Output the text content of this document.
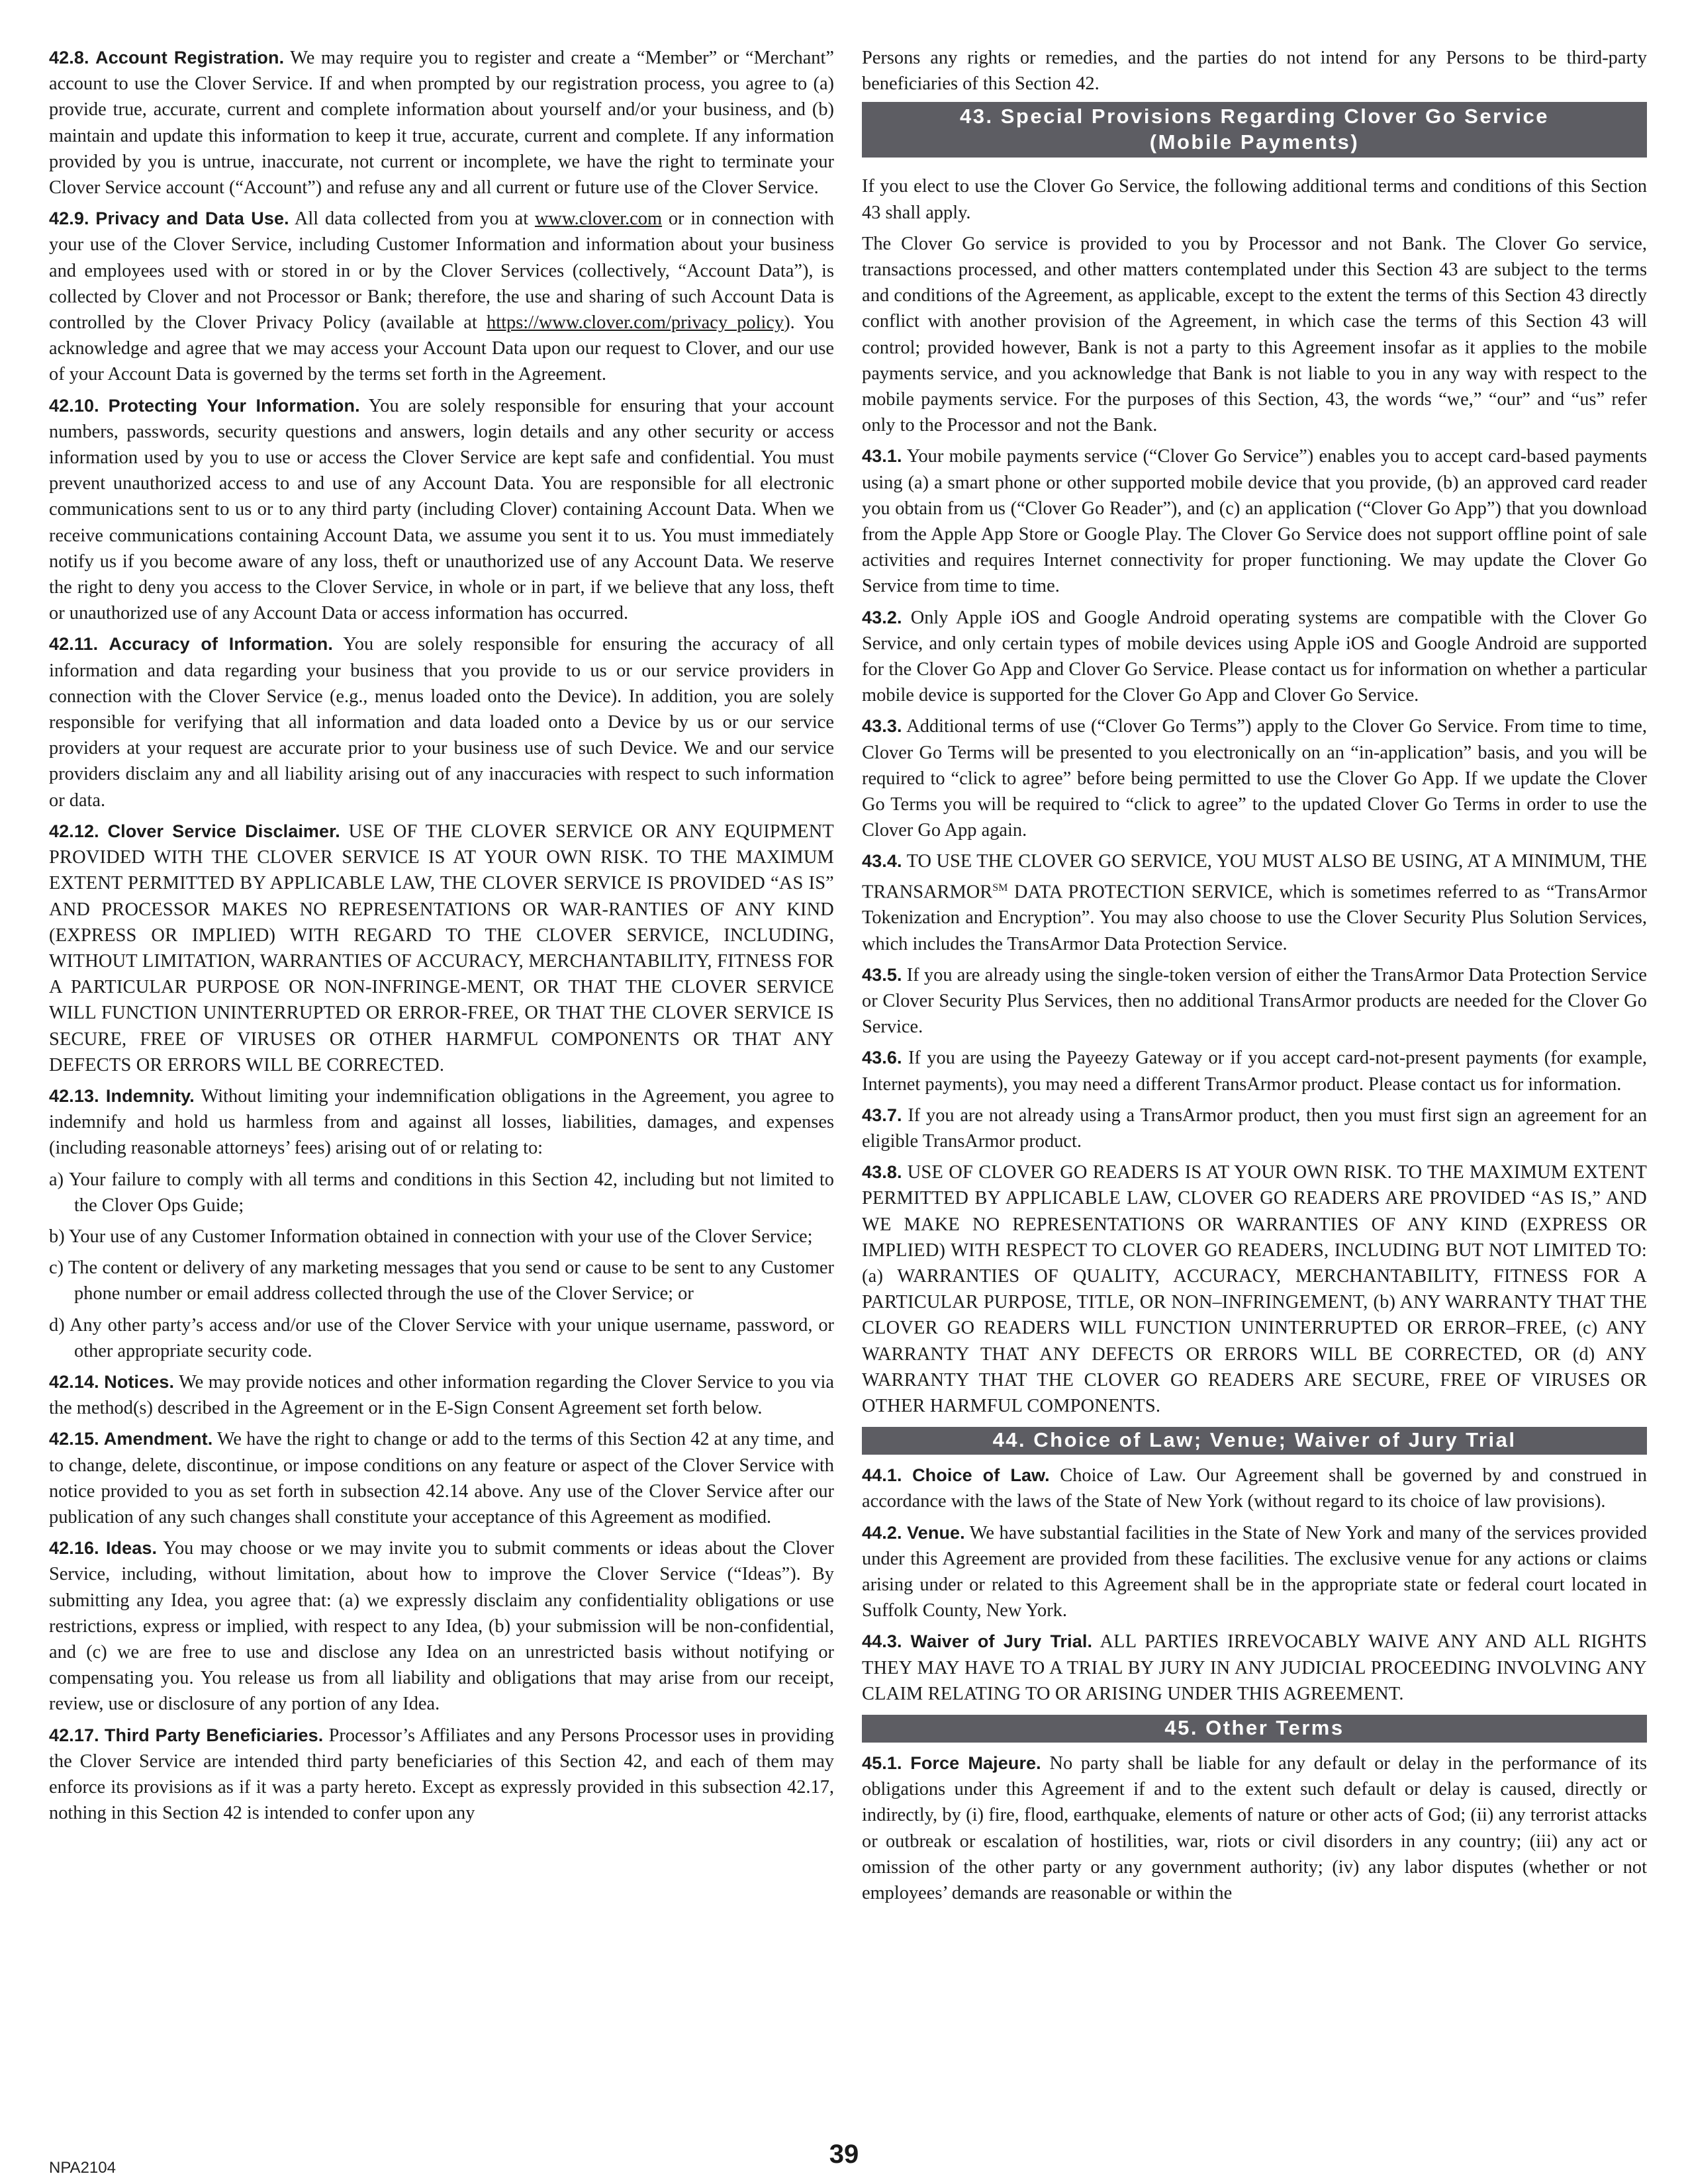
42.8. Account Registration. We may require you to register and create a “Member” or “Merchant” account to use the Clover Service. If and when prompted by our registration process, you agree to (a) provide true, accurate, current and complete information about yourself and/or your business, and (b) maintain and update this information to keep it true, accurate, current and complete. If any information provided by you is untrue, inaccurate, not current or incomplete, we have the right to terminate your Clover Service account (“Account”) and refuse any and all current or future use of the Clover Service.

42.9. Privacy and Data Use. All data collected from you at www.clover.com or in connection with your use of the Clover Service, including Customer Information and information about your business and employees used with or stored in or by the Clover Services (collectively, “Account Data”), is collected by Clover and not Processor or Bank; therefore, the use and sharing of such Account Data is controlled by the Clover Privacy Policy (available at https://www.clover.com/privacy_policy). You acknowledge and agree that we may access your Account Data upon our request to Clover, and our use of your Account Data is governed by the terms set forth in the Agreement.

42.10. Protecting Your Information. You are solely responsible for ensuring that your account numbers, passwords, security questions and answers, login details and any other security or access information used by you to use or access the Clover Service are kept safe and confidential. You must prevent unauthorized access to and use of any Account Data. You are responsible for all electronic communications sent to us or to any third party (including Clover) containing Account Data. When we receive communications containing Account Data, we assume you sent it to us. You must immediately notify us if you become aware of any loss, theft or unauthorized use of any Account Data. We reserve the right to deny you access to the Clover Service, in whole or in part, if we believe that any loss, theft or unauthorized use of any Account Data or access information has occurred.

42.11. Accuracy of Information. You are solely responsible for ensuring the accuracy of all information and data regarding your business that you provide to us or our service providers in connection with the Clover Service (e.g., menus loaded onto the Device). In addition, you are solely responsible for verifying that all information and data loaded onto a Device by us or our service providers at your request are accurate prior to your business use of such Device. We and our service providers disclaim any and all liability arising out of any inaccuracies with respect to such information or data.

42.12. Clover Service Disclaimer. USE OF THE CLOVER SERVICE OR ANY EQUIPMENT PROVIDED WITH THE CLOVER SERVICE IS AT YOUR OWN RISK. TO THE MAXIMUM EXTENT PERMITTED BY APPLICABLE LAW, THE CLOVER SERVICE IS PROVIDED “AS IS” AND PROCESSOR MAKES NO REPRESENTATIONS OR WAR-RANTIES OF ANY KIND (EXPRESS OR IMPLIED) WITH REGARD TO THE CLOVER SERVICE, INCLUDING, WITHOUT LIMITATION, WARRANTIES OF ACCURACY, MERCHANTABILITY, FITNESS FOR A PARTICULAR PURPOSE OR NON-INFRINGE-MENT, OR THAT THE CLOVER SERVICE WILL FUNCTION UNINTERRUPTED OR ERROR-FREE, OR THAT THE CLOVER SERVICE IS SECURE, FREE OF VIRUSES OR OTHER HARMFUL COMPONENTS OR THAT ANY DEFECTS OR ERRORS WILL BE CORRECTED.

42.13. Indemnity. Without limiting your indemnification obligations in the Agreement, you agree to indemnify and hold us harmless from and against all losses, liabilities, damages, and expenses (including reasonable attorneys’ fees) arising out of or relating to:

a) Your failure to comply with all terms and conditions in this Section 42, including but not limited to the Clover Ops Guide;

b) Your use of any Customer Information obtained in connection with your use of the Clover Service;

c) The content or delivery of any marketing messages that you send or cause to be sent to any Customer phone number or email address collected through the use of the Clover Service; or

d) Any other party’s access and/or use of the Clover Service with your unique username, password, or other appropriate security code.

42.14. Notices. We may provide notices and other information regarding the Clover Service to you via the method(s) described in the Agreement or in the E-Sign Consent Agreement set forth below.

42.15. Amendment. We have the right to change or add to the terms of this Section 42 at any time, and to change, delete, discontinue, or impose conditions on any feature or aspect of the Clover Service with notice provided to you as set forth in subsection 42.14 above. Any use of the Clover Service after our publication of any such changes shall constitute your acceptance of this Agreement as modified.

42.16. Ideas. You may choose or we may invite you to submit comments or ideas about the Clover Service, including, without limitation, about how to improve the Clover Service (“Ideas”). By submitting any Idea, you agree that: (a) we expressly disclaim any confidentiality obligations or use restrictions, express or implied, with respect to any Idea, (b) your submission will be non-confidential, and (c) we are free to use and disclose any Idea on an unrestricted basis without notifying or compensating you. You release us from all liability and obligations that may arise from our receipt, review, use or disclosure of any portion of any Idea.

42.17. Third Party Beneficiaries. Processor’s Affiliates and any Persons Processor uses in providing the Clover Service are intended third party beneficiaries of this Section 42, and each of them may enforce its provisions as if it was a party hereto. Except as expressly provided in this subsection 42.17, nothing in this Section 42 is intended to confer upon any

Persons any rights or remedies, and the parties do not intend for any Persons to be third-party beneficiaries of this Section 42.

43. Special Provisions Regarding Clover Go Service
(Mobile Payments)

If you elect to use the Clover Go Service, the following additional terms and conditions of this Section 43 shall apply.

The Clover Go service is provided to you by Processor and not Bank. The Clover Go service, transactions processed, and other matters contemplated under this Section 43 are subject to the terms and conditions of the Agreement, as applicable, except to the extent the terms of this Section 43 directly conflict with another provision of the Agreement, in which case the terms of this Section 43 will control; provided however, Bank is not a party to this Agreement insofar as it applies to the mobile payments service, and you acknowledge that Bank is not liable to you in any way with respect to the mobile payments service. For the purposes of this Section, 43, the words “we,” “our” and “us” refer only to the Processor and not the Bank.

43.1. Your mobile payments service (“Clover Go Service”) enables you to accept card-based payments using (a) a smart phone or other supported mobile device that you provide, (b) an approved card reader you obtain from us (“Clover Go Reader”), and (c) an application (“Clover Go App”) that you download from the Apple App Store or Google Play. The Clover Go Service does not support offline point of sale activities and requires Internet connectivity for proper functioning. We may update the Clover Go Service from time to time.

43.2. Only Apple iOS and Google Android operating systems are compatible with the Clover Go Service, and only certain types of mobile devices using Apple iOS and Google Android are supported for the Clover Go App and Clover Go Service. Please contact us for information on whether a particular mobile device is supported for the Clover Go App and Clover Go Service.

43.3. Additional terms of use (“Clover Go Terms”) apply to the Clover Go Service. From time to time, Clover Go Terms will be presented to you electronically on an “in-application” basis, and you will be required to “click to agree” before being permitted to use the Clover Go App. If we update the Clover Go Terms you will be required to “click to agree” to the updated Clover Go Terms in order to use the Clover Go App again.

43.4. TO USE THE CLOVER GO SERVICE, YOU MUST ALSO BE USING, AT A MINIMUM, THE TRANSARMOR℠ DATA PROTECTION SERVICE, which is sometimes referred to as “TransArmor Tokenization and Encryption”. You may also choose to use the Clover Security Plus Solution Services, which includes the TransArmor Data Protection Service.

43.5. If you are already using the single-token version of either the TransArmor Data Protection Service or Clover Security Plus Services, then no additional TransArmor products are needed for the Clover Go Service.

43.6. If you are using the Payeezy Gateway or if you accept card-not-present payments (for example, Internet payments), you may need a different TransArmor product. Please contact us for information.

43.7. If you are not already using a TransArmor product, then you must first sign an agreement for an eligible TransArmor product.

43.8. USE OF CLOVER GO READERS IS AT YOUR OWN RISK. TO THE MAXIMUM EXTENT PERMITTED BY APPLICABLE LAW, CLOVER GO READERS ARE PROVIDED “AS IS,” AND WE MAKE NO REPRESENTATIONS OR WARRANTIES OF ANY KIND (EXPRESS OR IMPLIED) WITH RESPECT TO CLOVER GO READERS, INCLUDING BUT NOT LIMITED TO: (a) WARRANTIES OF QUALITY, ACCURACY, MERCHANTABILITY, FITNESS FOR A PARTICULAR PURPOSE, TITLE, OR NON–INFRINGEMENT, (b) ANY WARRANTY THAT THE CLOVER GO READERS WILL FUNCTION UNINTERRUPTED OR ERROR–FREE, (c) ANY WARRANTY THAT ANY DEFECTS OR ERRORS WILL BE CORRECTED, OR (d) ANY WARRANTY THAT THE CLOVER GO READERS ARE SECURE, FREE OF VIRUSES OR OTHER HARMFUL COMPONENTS.

44. Choice of Law; Venue; Waiver of Jury Trial

44.1. Choice of Law. Choice of Law. Our Agreement shall be governed by and construed in accordance with the laws of the State of New York (without regard to its choice of law provisions).

44.2. Venue. We have substantial facilities in the State of New York and many of the services provided under this Agreement are provided from these facilities. The exclusive venue for any actions or claims arising under or related to this Agreement shall be in the appropriate state or federal court located in Suffolk County, New York.

44.3. Waiver of Jury Trial. ALL PARTIES IRREVOCABLY WAIVE ANY AND ALL RIGHTS THEY MAY HAVE TO A TRIAL BY JURY IN ANY JUDICIAL PROCEEDING INVOLVING ANY CLAIM RELATING TO OR ARISING UNDER THIS AGREEMENT.

45. Other Terms

45.1. Force Majeure. No party shall be liable for any default or delay in the performance of its obligations under this Agreement if and to the extent such default or delay is caused, directly or indirectly, by (i) fire, flood, earthquake, elements of nature or other acts of God; (ii) any terrorist attacks or outbreak or escalation of hostilities, war, riots or civil disorders in any country; (iii) any act or omission of the other party or any government authority; (iv) any labor disputes (whether or not employees’ demands are reasonable or within the

NPA2104	39
